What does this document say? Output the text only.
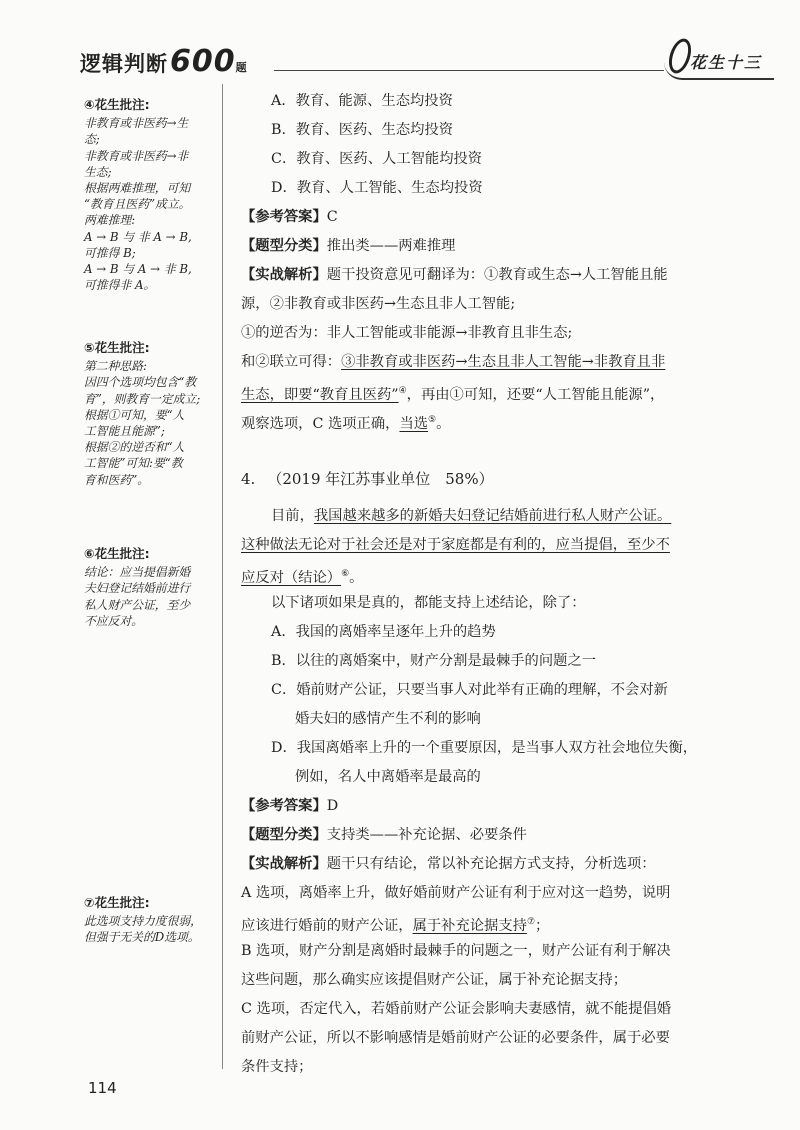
逻辑判断600题	花生十三
④花生批注:
非教育或非医药→生
态;
非教育或非医药→非
生态;
根据两难推理，可知
“教育且医药”成立。
两难推理:
A → B 与 非 A → B,
可推得 B;
A → B 与 A → 非 B,
可推得非 A。
⑤花生批注:
第二种思路:
因四个选项均包含“教
育”，则教育一定成立;
根据①可知，要“人
工智能且能源”;
根据②的逆否和“人
工智能”可知:要“教
育和医药”。
⑥花生批注:
结论：应当提倡新婚
夫妇登记结婚前进行
私人财产公证，至少
不应反对。
⑦花生批注:
此选项支持力度很弱，
但强于无关的D选项。
A．教育、能源、生态均投资
B．教育、医药、生态均投资
C．教育、医药、人工智能均投资
D．教育、人工智能、生态均投资
【参考答案】C
【题型分类】推出类——两难推理
【实战解析】题干投资意见可翻译为：①教育或生态→人工智能且能
源，②非教育或非医药→生态且非人工智能;
①的逆否为：非人工智能或非能源→非教育且非生态;
和②联立可得：③非教育或非医药→生态且非人工智能→非教育且非
生态，即要“教育且医药”④，再由①可知，还要“人工智能且能源”，
观察选项，C 选项正确，当选⑤。
4. （2019 年江苏事业单位　58%）
目前，我国越来越多的新婚夫妇登记结婚前进行私人财产公证。
这种做法无论对于社会还是对于家庭都是有利的，应当提倡，至少不
应反对（结论）⑥。
以下诸项如果是真的，都能支持上述结论，除了：
A．我国的离婚率呈逐年上升的趋势
B．以往的离婚案中，财产分割是最棘手的问题之一
C．婚前财产公证，只要当事人对此举有正确的理解，不会对新
婚夫妇的感情产生不利的影响
D．我国离婚率上升的一个重要原因，是当事人双方社会地位失衡，
例如，名人中离婚率是最高的
【参考答案】D
【题型分类】支持类——补充论据、必要条件
【实战解析】题干只有结论，常以补充论据方式支持，分析选项：
A 选项，离婚率上升，做好婚前财产公证有利于应对这一趋势，说明
应该进行婚前的财产公证，属于补充论据支持⑦；
B 选项，财产分割是离婚时最棘手的问题之一，财产公证有利于解决
这些问题，那么确实应该提倡财产公证，属于补充论据支持；
C 选项，否定代入，若婚前财产公证会影响夫妻感情，就不能提倡婚
前财产公证，所以不影响感情是婚前财产公证的必要条件，属于必要
条件支持；
114
